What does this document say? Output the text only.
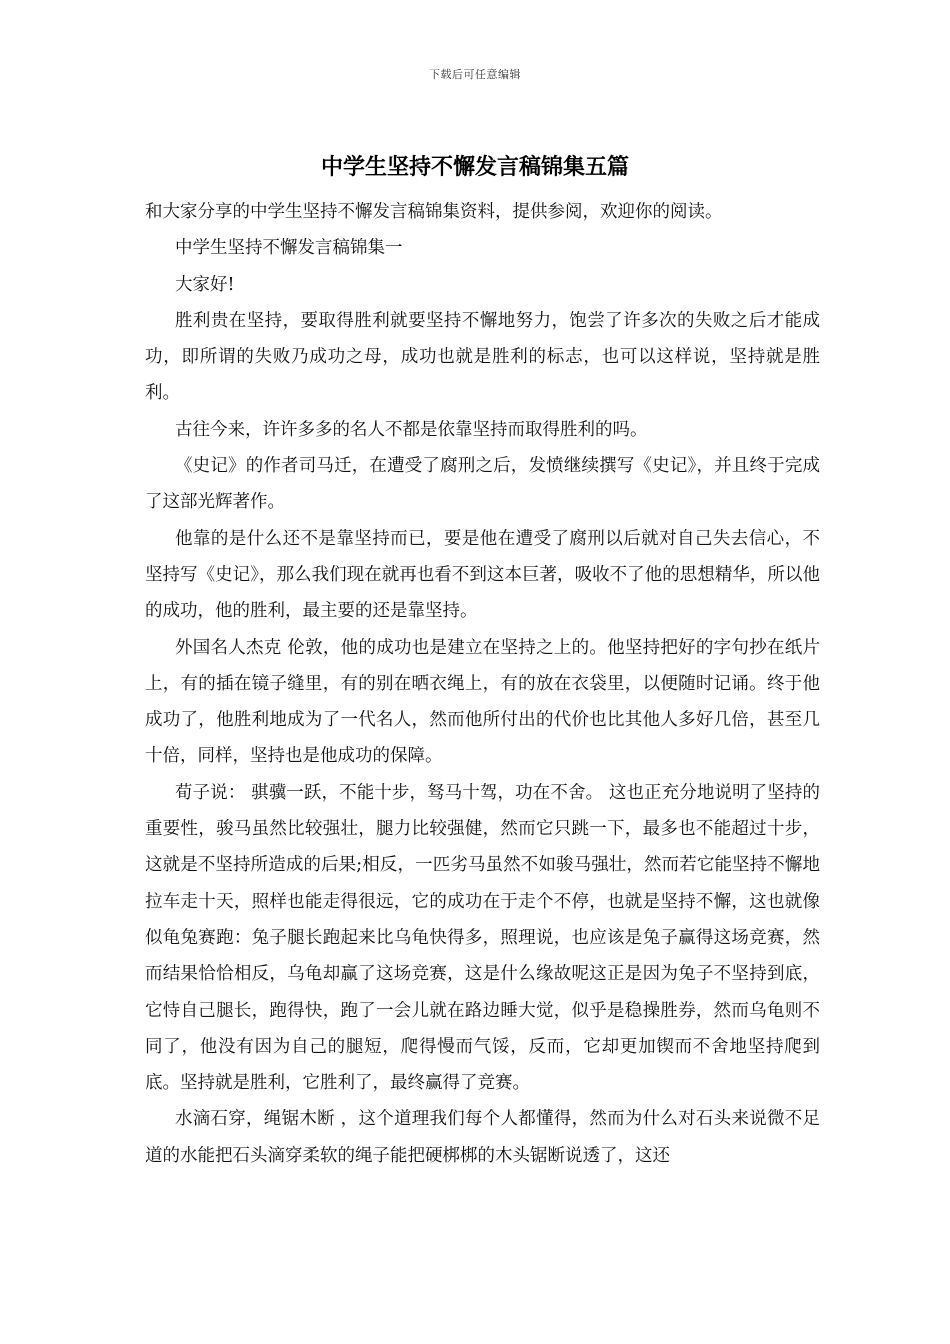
下载后可任意编辑
中学生坚持不懈发言稿锦集五篇

和大家分享的中学生坚持不懈发言稿锦集资料，提供参阅，欢迎你的阅读。

中学生坚持不懈发言稿锦集一

大家好!

胜利贵在坚持，要取得胜利就要坚持不懈地努力，饱尝了许多次的失败之后才能成功，即所谓的失败乃成功之母，成功也就是胜利的标志，也可以这样说，坚持就是胜利。

古往今来，许许多多的名人不都是依靠坚持而取得胜利的吗。

《史记》的作者司马迁，在遭受了腐刑之后，发愤继续撰写《史记》，并且终于完成了这部光辉著作。

他靠的是什么还不是靠坚持而已，要是他在遭受了腐刑以后就对自己失去信心，不坚持写《史记》，那么我们现在就再也看不到这本巨著，吸收不了他的思想精华，所以他的成功，他的胜利，最主要的还是靠坚持。

外国名人杰克 伦敦，他的成功也是建立在坚持之上的。他坚持把好的字句抄在纸片上，有的插在镜子缝里，有的别在晒衣绳上，有的放在衣袋里，以便随时记诵。终于他成功了，他胜利地成为了一代名人，然而他所付出的代价也比其他人多好几倍，甚至几十倍，同样，坚持也是他成功的保障。

荀子说： 骐骥一跃，不能十步，驽马十驾，功在不舍。 这也正充分地说明了坚持的重要性，骏马虽然比较强壮，腿力比较强健，然而它只跳一下，最多也不能超过十步，这就是不坚持所造成的后果;相反，一匹劣马虽然不如骏马强壮，然而若它能坚持不懈地拉车走十天，照样也能走得很远，它的成功在于走个不停，也就是坚持不懈，这也就像似龟兔赛跑：兔子腿长跑起来比乌龟快得多，照理说，也应该是兔子赢得这场竞赛，然而结果恰恰相反，乌龟却赢了这场竞赛，这是什么缘故呢这正是因为兔子不坚持到底，它恃自己腿长，跑得快，跑了一会儿就在路边睡大觉，似乎是稳操胜券，然而乌龟则不同了，他没有因为自己的腿短，爬得慢而气馁，反而，它却更加锲而不舍地坚持爬到底。坚持就是胜利，它胜利了，最终赢得了竞赛。

水滴石穿，绳锯木断 ，这个道理我们每个人都懂得，然而为什么对石头来说微不足道的水能把石头滴穿柔软的绳子能把硬梆梆的木头锯断说透了，这还
